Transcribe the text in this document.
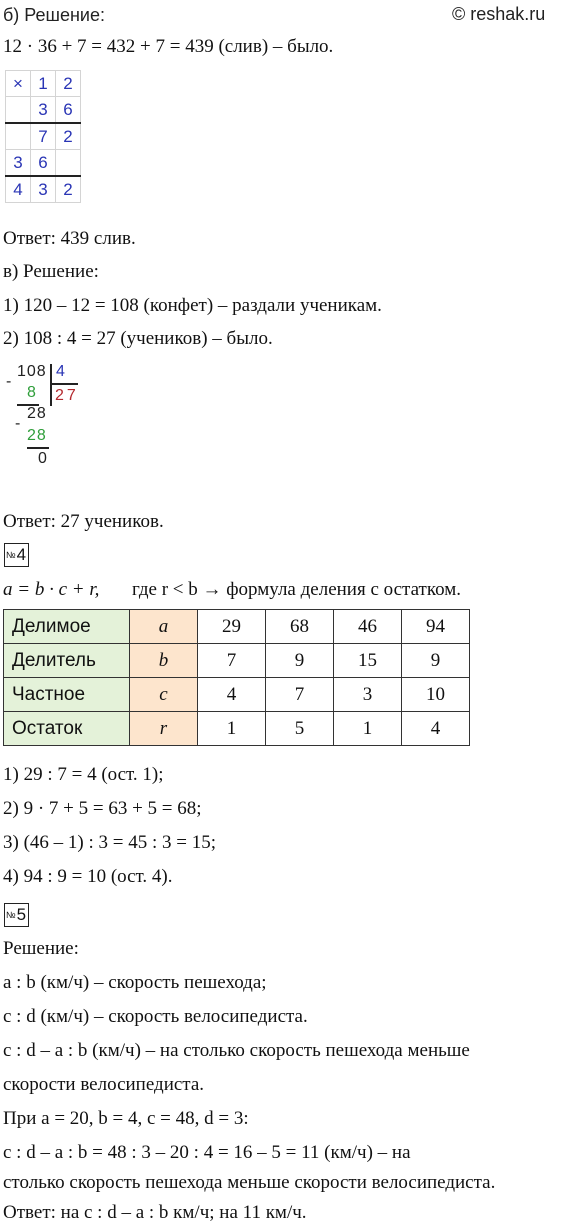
б) Решение:	© reshak.ru
12 · 36 + 7 = 432 + 7 = 439 (слив) – было.
×	1	2
	3	6
	7	2
3	6	
4	3	2
Ответ: 439 слив.
в) Решение:
1) 120 – 12 = 108 (конфет) – раздали ученикам.
2) 108 : 4 = 27 (учеников) – было.
-
108 4
27
8
-
28
28
0
Ответ: 27 учеников.
№4
a = b · c + r, где r < b → формула деления с остатком.
Делимое	a	29	68	46	94
Делитель	b	7	9	15	9
Частное	c	4	7	3	10
Остаток	r	1	5	1	4
1) 29 : 7 = 4 (ост. 1);
2) 9 · 7 + 5 = 63 + 5 = 68;
3) (46 – 1) : 3 = 45 : 3 = 15;
4) 94 : 9 = 10 (ост. 4).
№5
Решение:
a : b (км/ч) – скорость пешехода;
c : d (км/ч) – скорость велосипедиста.
c : d – a : b (км/ч) – на столько скорость пешехода меньше
скорости велосипедиста.
При a = 20, b = 4, c = 48, d = 3:
c : d – a : b = 48 : 3 – 20 : 4 = 16 – 5 = 11 (км/ч) – на
столько скорость пешехода меньше скорости велосипедиста.
Ответ: на c : d – a : b км/ч; на 11 км/ч.
